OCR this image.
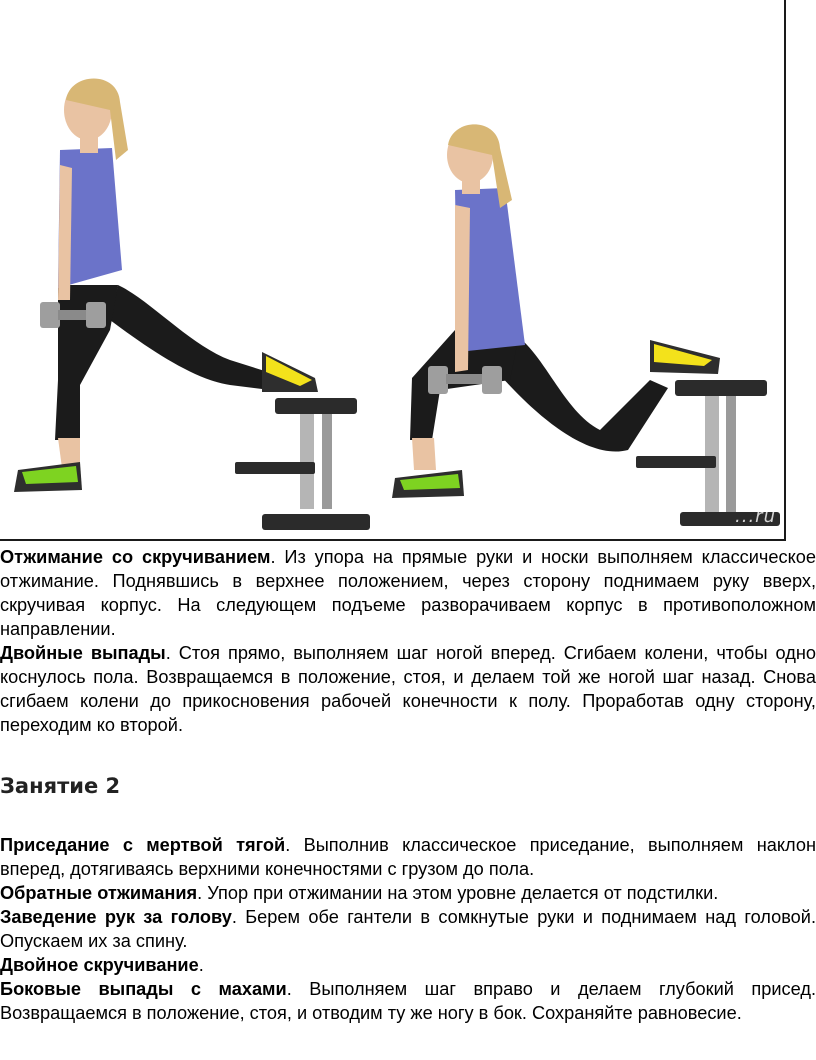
...ru

Отжимание со скручиванием. Из упора на прямые руки и носки выполняем классическое отжимание. Поднявшись в верхнее положением, через сторону поднимаем руку вверх, скручивая корпус. На следующем подъеме разворачиваем корпус в противоположном направлении.

Двойные выпады. Стоя прямо, выполняем шаг ногой вперед. Сгибаем колени, чтобы одно коснулось пола. Возвращаемся в положение, стоя, и делаем той же ногой шаг назад. Снова сгибаем колени до прикосновения рабочей конечности к полу. Проработав одну сторону, переходим ко второй.

Занятие 2

Приседание с мертвой тягой. Выполнив классическое приседание, выполняем наклон вперед, дотягиваясь верхними конечностями с грузом до пола.

Обратные отжимания. Упор при отжимании на этом уровне делается от подстилки.

Заведение рук за голову. Берем обе гантели в сомкнутые руки и поднимаем над головой. Опускаем их за спину.

Двойное скручивание.

Боковые выпады с махами. Выполняем шаг вправо и делаем глубокий присед. Возвращаемся в положение, стоя, и отводим ту же ногу в бок. Сохраняйте равновесие.
